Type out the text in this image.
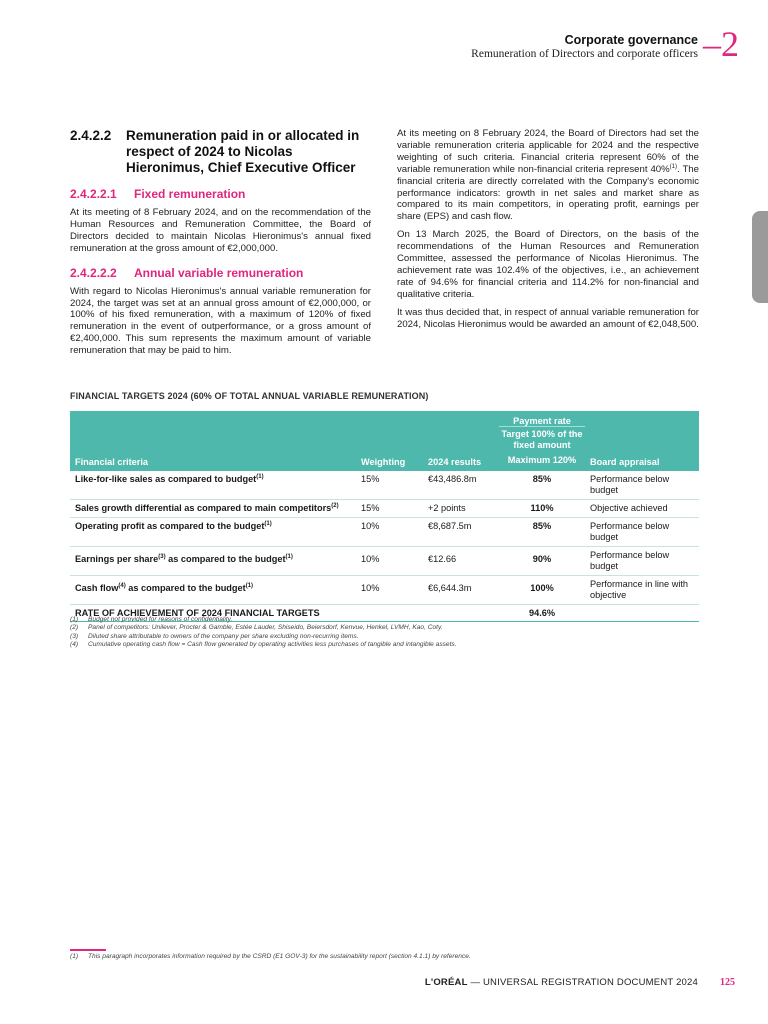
Corporate governance
Remuneration of Directors and corporate officers –2
2.4.2.2	Remuneration paid in or allocated in respect of 2024 to Nicolas Hieronimus, Chief Executive Officer
2.4.2.2.1 Fixed remuneration

At its meeting of 8 February 2024, and on the recommendation of the Human Resources and Remuneration Committee, the Board of Directors decided to maintain Nicolas Hieronimus's annual fixed remuneration at the gross amount of €2,000,000.

2.4.2.2.2 Annual variable remuneration

With regard to Nicolas Hieronimus's annual variable remuneration for 2024, the target was set at an annual gross amount of €2,000,000, or 100% of his fixed remuneration, with a maximum of 120% of fixed remuneration in the event of outperformance, or a gross amount of €2,400,000. This sum represents the maximum amount of variable remuneration that may be paid to him.

At its meeting on 8 February 2024, the Board of Directors had set the variable remuneration criteria applicable for 2024 and the respective weighting of such criteria. Financial criteria represent 60% of the variable remuneration while non-financial criteria represent 40%$^{(1)}$. The financial criteria are directly correlated with the Company's economic performance indicators: growth in net sales and market share as compared to its main competitors, in operating profit, earnings per share (EPS) and cash flow.

On 13 March 2025, the Board of Directors, on the basis of the recommendations of the Human Resources and Remuneration Committee, assessed the performance of Nicolas Hieronimus. The achievement rate was 102.4% of the objectives, i.e., an achievement rate of 94.6% for financial criteria and 114.2% for non-financial and qualitative criteria.

It was thus decided that, in respect of annual variable remuneration for 2024, Nicolas Hieronimus would be awarded an amount of €2,048,500.

FINANCIAL TARGETS 2024 (60% OF TOTAL ANNUAL VARIABLE REMUNERATION)
Financial criteria	Weighting	2024 results	Payment rate
Target 100% of the fixed amount
Maximum 120%	Board appraisal
Like-for-like sales as compared to budget$^{(1)}$	15%	€43,486.8m	85%	Performance below budget
Sales growth differential as compared to main competitors$^{(2)}$	15%	+2 points	110%	Objective achieved
Operating profit as compared to the budget$^{(1)}$	10%	€8,687.5m	85%	Performance below budget
Earnings per share$^{(3)}$ as compared to the budget$^{(1)}$	10%	€12.66	90%	Performance below budget
Cash flow$^{(4)}$ as compared to the budget$^{(1)}$	10%	€6,644.3m	100%	Performance in line with objective
RATE OF ACHIEVEMENT OF 2024 FINANCIAL TARGETS			94.6%	
(1)	Budget not provided for reasons of confidentiality.
(2)	Panel of competitors: Unilever, Procter & Gamble, Estée Lauder, Shiseido, Beiersdorf, Kenvue, Henkel, LVMH, Kao, Coty.
(3)	Diluted share attributable to owners of the company per share excluding non-recurring items.
(4)	Cumulative operating cash flow = Cash flow generated by operating activities less purchases of tangible and intangible assets.
(1)	This paragraph incorporates information required by the CSRD (E1 GOV-3) for the sustainability report (section 4.1.1) by reference.
L'ORÉAL — UNIVERSAL REGISTRATION DOCUMENT 2024 125
